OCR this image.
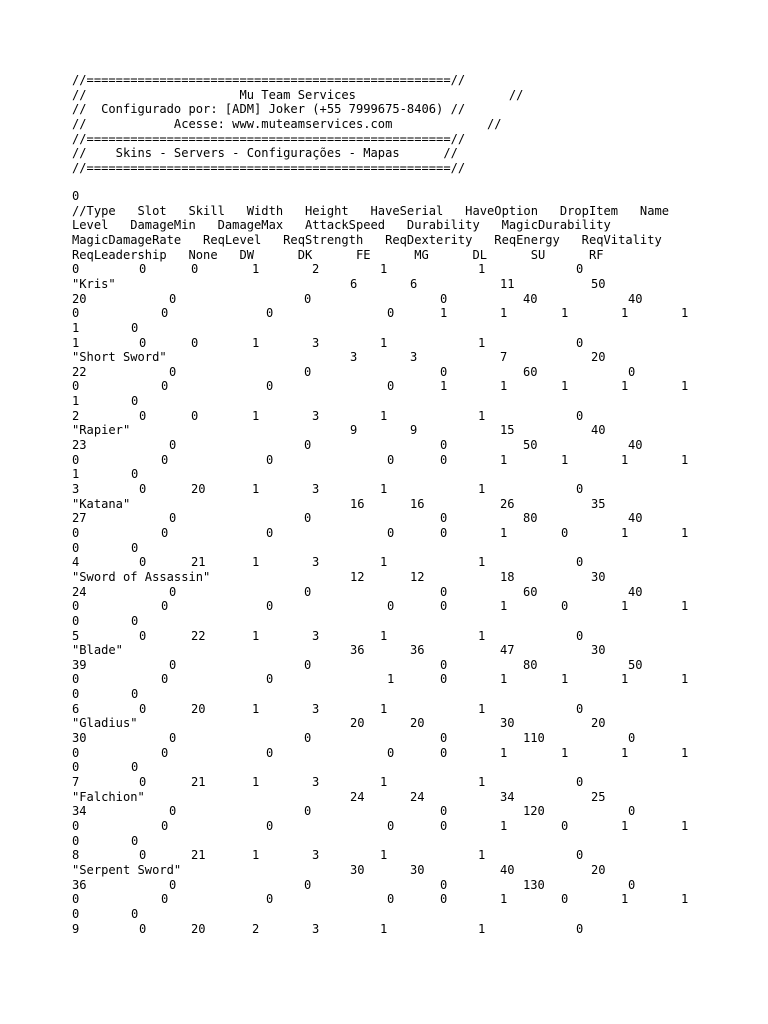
//==================================================//
//                     Mu Team Services                     //
//  Configurado por: [ADM] Joker (+55 7999675-8406) //
//            Acesse: www.muteamservices.com             //
//==================================================//
//    Skins - Servers - Configurações - Mapas      //
//==================================================//
0
//Type   Slot   Skill   Width   Height   HaveSerial   HaveOption   DropItem   Name
Level   DamageMin   DamageMax   AttackSpeed   Durability   MagicDurability
MagicDamageRate   ReqLevel   ReqStrength   ReqDexterity   ReqEnergy   ReqVitality
ReqLeadership   None   DW      DK      FE      MG      DL      SU      RF
0	0	0	1	2	1	1	0
"Kris"	6	6	11	50
20	0	0	0	40	40
0	0	0	0	1	1	1	1	1
1	0
1	0	0	1	3	1	1	0
"Short Sword"	3	3	7	20
22	0	0	0	60	0
0	0	0	0	1	1	1	1	1
1	0
2	0	0	1	3	1	1	0
"Rapier"	9	9	15	40
23	0	0	0	50	40
0	0	0	0	0	1	1	1	1
1	0
3	0	20	1	3	1	1	0
"Katana"	16	16	26	35
27	0	0	0	80	40
0	0	0	0	0	1	0	1	1
0	0
4	0	21	1	3	1	1	0
"Sword of Assassin"	12	12	18	30
24	0	0	0	60	40
0	0	0	0	0	1	0	1	1
0	0
5	0	22	1	3	1	1	0
"Blade"	36	36	47	30
39	0	0	0	80	50
0	0	0	1	0	1	1	1	1
0	0
6	0	20	1	3	1	1	0
"Gladius"	20	20	30	20
30	0	0	0	110	0
0	0	0	0	0	1	1	1	1
0	0
7	0	21	1	3	1	1	0
"Falchion"	24	24	34	25
34	0	0	0	120	0
0	0	0	0	0	1	0	1	1
0	0
8	0	21	1	3	1	1	0
"Serpent Sword"	30	30	40	20
36	0	0	0	130	0
0	0	0	0	0	1	0	1	1
0	0
9	0	20	2	3	1	1	0
